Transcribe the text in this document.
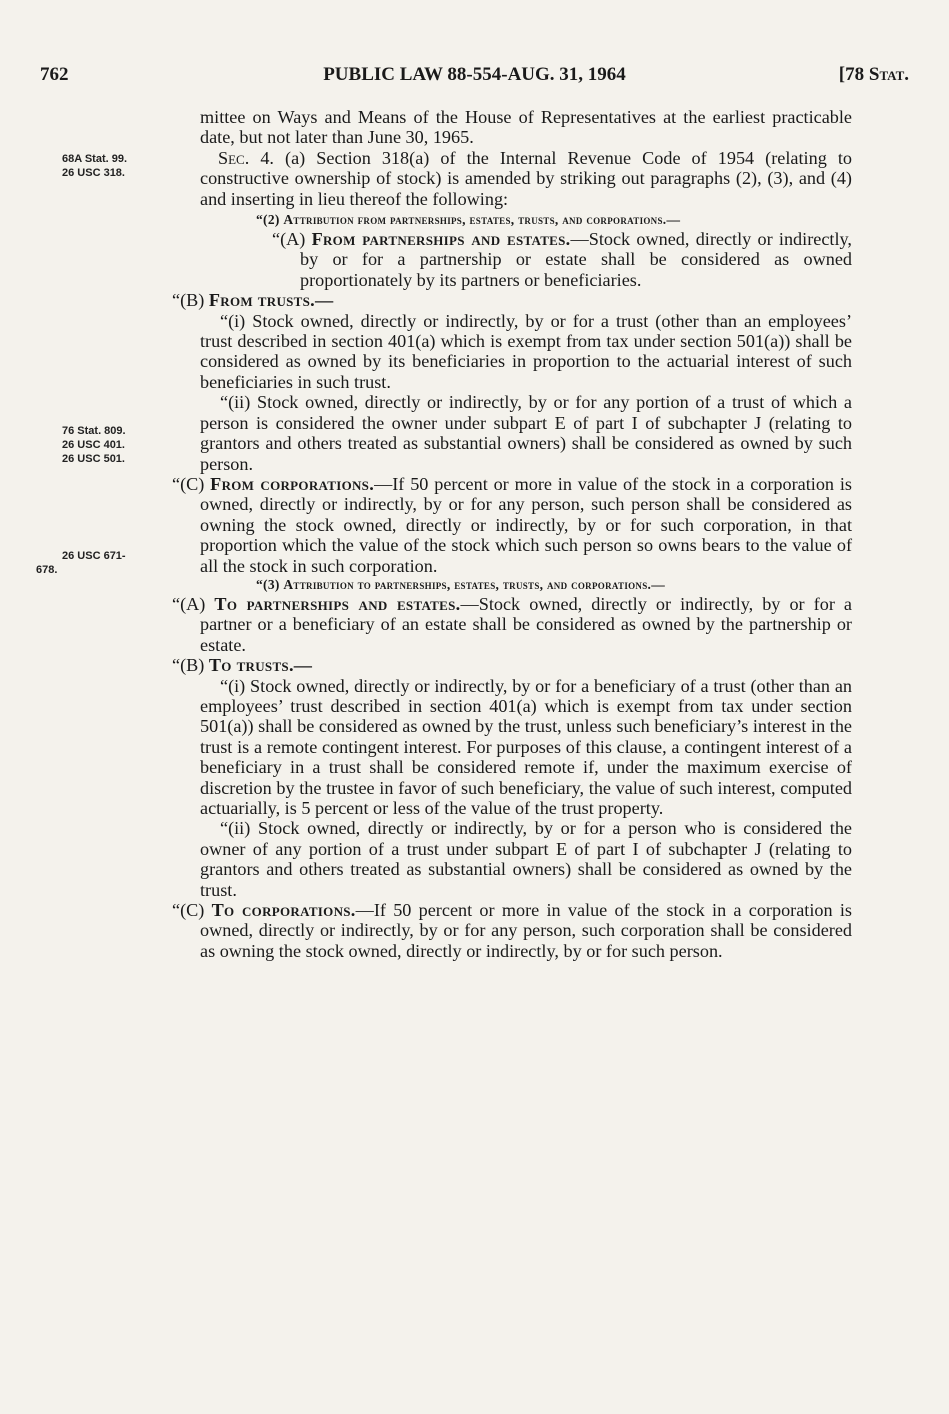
762	PUBLIC LAW 88-554-AUG. 31, 1964	[78 Stat.
68A Stat. 99.
26 USC 318.
76 Stat. 809.
26 USC 401.
26 USC 501.
26 USC 671-
678.

mittee on Ways and Means of the House of Representatives at the earliest practicable date, but not later than June 30, 1965.

Sec. 4. (a) Section 318(a) of the Internal Revenue Code of 1954 (relating to constructive ownership of stock) is amended by striking out paragraphs (2), (3), and (4) and inserting in lieu thereof the following:

“(2) Attribution from partnerships, estates, trusts, and corporations.—

“(A) From partnerships and estates.—Stock owned, directly or indirectly, by or for a partnership or estate shall be considered as owned proportionately by its partners or beneficiaries.

“(B) From trusts.—

“(i) Stock owned, directly or indirectly, by or for a trust (other than an employees’ trust described in section 401(a) which is exempt from tax under section 501(a)) shall be considered as owned by its beneficiaries in proportion to the actuarial interest of such beneficiaries in such trust.

“(ii) Stock owned, directly or indirectly, by or for any portion of a trust of which a person is considered the owner under subpart E of part I of subchapter J (relating to grantors and others treated as substantial owners) shall be considered as owned by such person.

“(C) From corporations.—If 50 percent or more in value of the stock in a corporation is owned, directly or indirectly, by or for any person, such person shall be considered as owning the stock owned, directly or indirectly, by or for such corporation, in that proportion which the value of the stock which such person so owns bears to the value of all the stock in such corporation.

“(3) Attribution to partnerships, estates, trusts, and corporations.—

“(A) To partnerships and estates.—Stock owned, directly or indirectly, by or for a partner or a beneficiary of an estate shall be considered as owned by the partnership or estate.

“(B) To trusts.—

“(i) Stock owned, directly or indirectly, by or for a beneficiary of a trust (other than an employees’ trust described in section 401(a) which is exempt from tax under section 501(a)) shall be considered as owned by the trust, unless such beneficiary’s interest in the trust is a remote contingent interest. For purposes of this clause, a contingent interest of a beneficiary in a trust shall be considered remote if, under the maximum exercise of discretion by the trustee in favor of such beneficiary, the value of such interest, computed actuarially, is 5 percent or less of the value of the trust property.

“(ii) Stock owned, directly or indirectly, by or for a person who is considered the owner of any portion of a trust under subpart E of part I of subchapter J (relating to grantors and others treated as substantial owners) shall be considered as owned by the trust.

“(C) To corporations.—If 50 percent or more in value of the stock in a corporation is owned, directly or indirectly, by or for any person, such corporation shall be considered as owning the stock owned, directly or indirectly, by or for such person.
